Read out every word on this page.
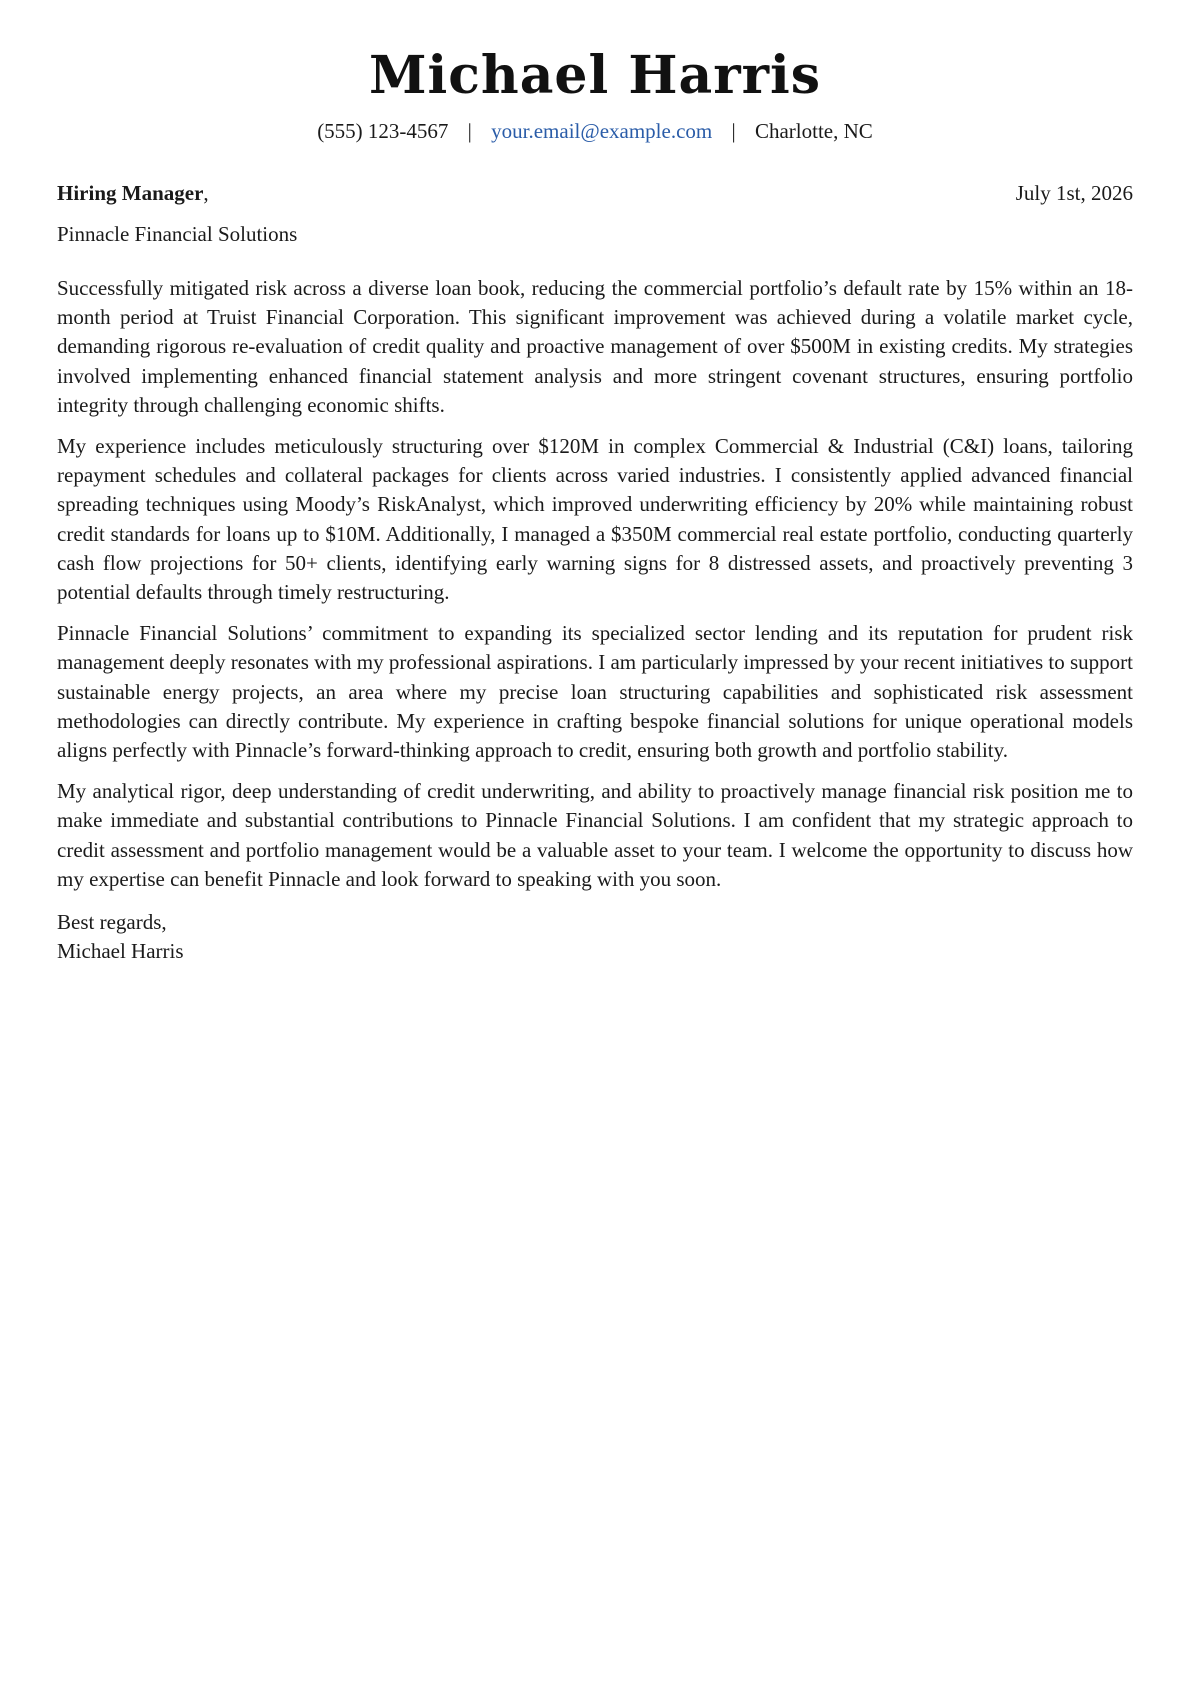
Michael Harris
(555) 123-4567 | your.email@example.com | Charlotte, NC
Hiring Manager,	July 1st, 2026
Pinnacle Financial Solutions

Successfully mitigated risk across a diverse loan book, reducing the commercial portfolio’s default rate by 15% within an 18-month period at Truist Financial Corporation. This significant improvement was achieved during a volatile market cycle, demanding rigorous re-evaluation of credit quality and proactive management of over $500M in existing credits. My strategies involved implementing enhanced financial statement analysis and more stringent covenant structures, ensuring portfolio integrity through challenging economic shifts.

My experience includes meticulously structuring over $120M in complex Commercial & Industrial (C&I) loans, tailoring repayment schedules and collateral packages for clients across varied industries. I consistently applied advanced financial spreading techniques using Moody’s RiskAnalyst, which improved underwriting efficiency by 20% while maintaining robust credit standards for loans up to $10M. Additionally, I managed a $350M commercial real estate portfolio, conducting quarterly cash flow projections for 50+ clients, identifying early warning signs for 8 distressed assets, and proactively preventing 3 potential defaults through timely restructuring.

Pinnacle Financial Solutions’ commitment to expanding its specialized sector lending and its reputation for prudent risk management deeply resonates with my professional aspirations. I am particularly impressed by your recent initiatives to support sustainable energy projects, an area where my precise loan structuring capabilities and sophisticated risk assessment methodologies can directly contribute. My experience in crafting bespoke financial solutions for unique operational models aligns perfectly with Pinnacle’s forward-thinking approach to credit, ensuring both growth and portfolio stability.

My analytical rigor, deep understanding of credit underwriting, and ability to proactively manage financial risk position me to make immediate and substantial contributions to Pinnacle Financial Solutions. I am confident that my strategic approach to credit assessment and portfolio management would be a valuable asset to your team. I welcome the opportunity to discuss how my expertise can benefit Pinnacle and look forward to speaking with you soon.

Best regards,
Michael Harris
